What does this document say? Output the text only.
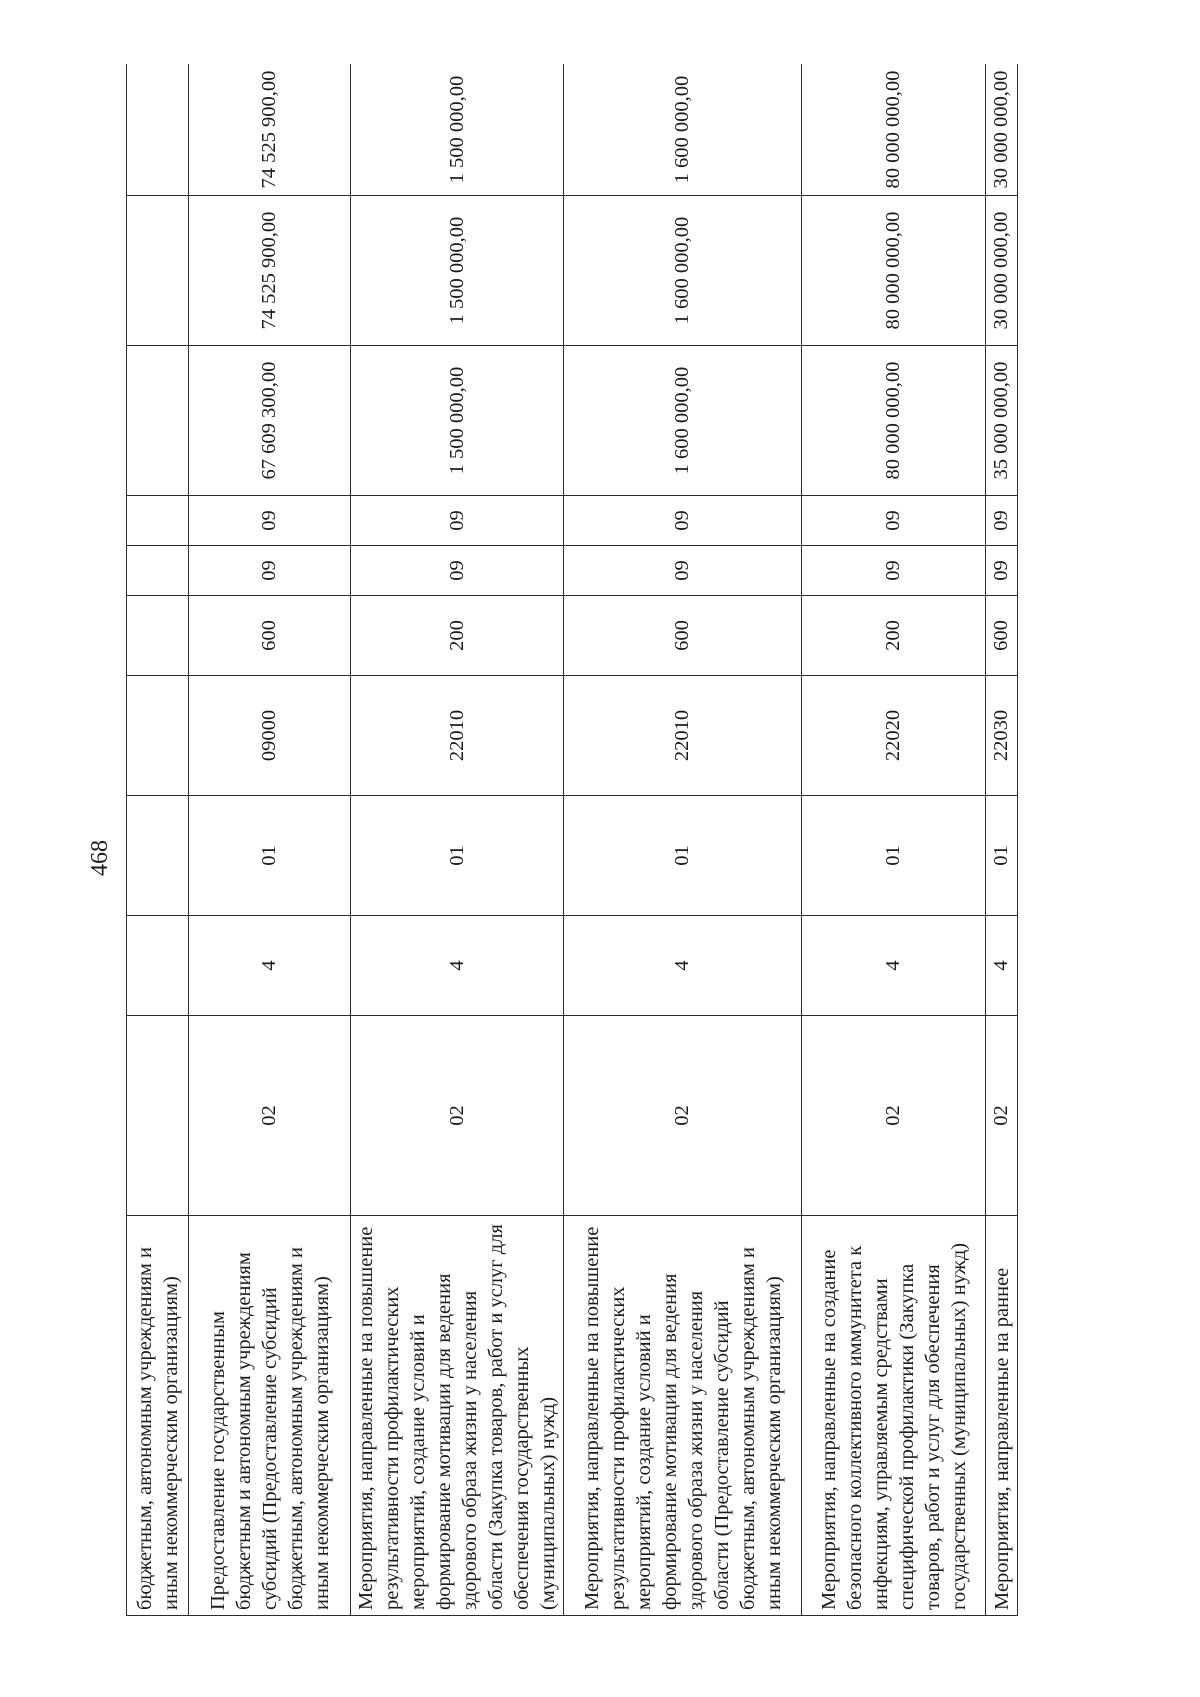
468
бюджетным, автономным учреждениям и иным некоммерческим организациям)										
Предоставление государственным бюджетным и автономным учреждениям субсидий (Предоставление субсидий бюджетным, автономным учреждениям и иным некоммерческим организациям)	02	4	01	09000	600	09	09	67 609 300,00	74 525 900,00	74 525 900,00
Мероприятия, направленные на повышение результативности профилактических мероприятий, создание условий и формирование мотивации для ведения здорового образа жизни у населения области (Закупка товаров, работ и услуг для обеспечения государственных (муниципальных) нужд)	02	4	01	22010	200	09	09	1 500 000,00	1 500 000,00	1 500 000,00
Мероприятия, направленные на повышение результативности профилактических мероприятий, создание условий и формирование мотивации для ведения здорового образа жизни у населения области (Предоставление субсидий бюджетным, автономным учреждениям и иным некоммерческим организациям)	02	4	01	22010	600	09	09	1 600 000,00	1 600 000,00	1 600 000,00
Мероприятия, направленные на создание безопасного коллективного иммунитета к инфекциям, управляемым средствами специфической профилактики (Закупка товаров, работ и услуг для обеспечения государственных (муниципальных) нужд)	02	4	01	22020	200	09	09	80 000 000,00	80 000 000,00	80 000 000,00
Мероприятия, направленные на раннее	02	4	01	22030	600	09	09	35 000 000,00	30 000 000,00	30 000 000,00
